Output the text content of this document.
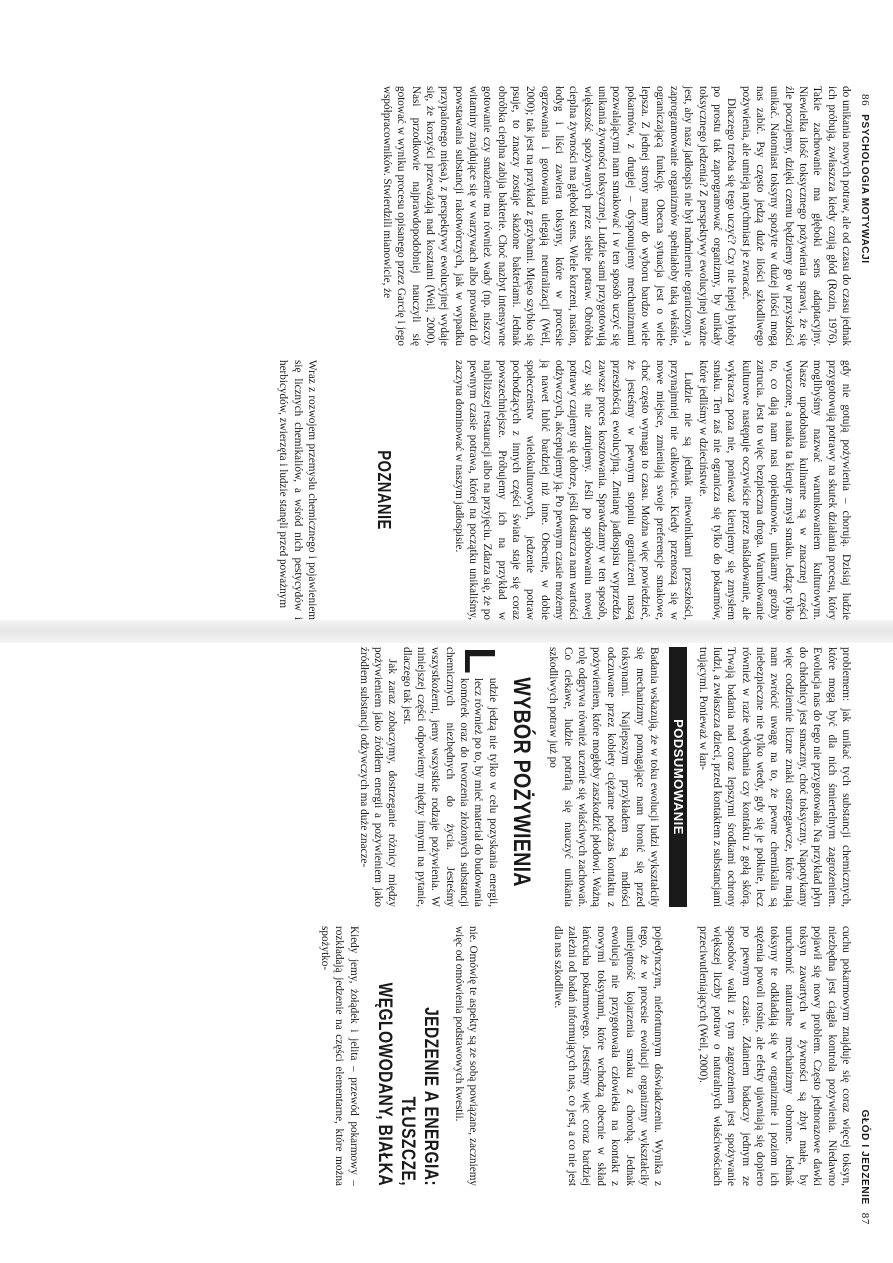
86
PSYCHOLOGIA MOTYWACJI

do unikania nowych potraw, ale od czasu do czasu jednak ich próbują, zwłaszcza kiedy czują głód (Rozin, 1976). Takie zachowanie ma głęboki sens adaptacyjny. Niewielka ilość toksycznego pożywienia sprawi, że się źle poczujemy, dzięki czemu będziemy go w przyszłości unikać. Natomiast toksyny spożyte w dużej ilości mogą nas zabić. Psy często jedzą duże ilości szkodliwego pożywienia, ale umieją natychmiast je zwracać.

Dlaczego trzeba się tego uczyć? Czy nie lepiej byłoby po prostu tak zaprogramować organizmy, by unikały toksycznego jedzenia? Z perspektywy ewolucyjnej ważne jest, aby nasz jadłospis nie był nadmiernie ograniczony, a zaprogramowanie organizmów spełniałoby taką właśnie, ograniczającą funkcję. Obecna sytuacja jest o wiele lepsza. Z jednej strony mamy do wyboru bardzo wiele pokarmów, z drugiej – dysponujemy mechanizmami pozwalającymi nam smakować i w ten sposób uczyć się unikania żywności toksycznej. Ludzie sami przygotowują większość spożywanych przez siebie potraw. Obróbka cieplna żywności ma głęboki sens. Wiele korzeni, nasion, łodyg i liści zawiera toksyny, które w procesie ogrzewania i gotowania ulegają neutralizacji (Weil, 2000); tak jest na przykład z grzybami. Mięso szybko się psuje, to znaczy zostaje skażone bakteriami. Jednak obróbka cieplna zabija bakterie. Choć nazbyt intensywne gotowanie czy smażenie ma również wady (np. niszczy witaminy znajdujące się w warzywach albo prowadzi do powstawania substancji rakotwórczych, jak w wypadku przypalonego mięsa), z perspektywy ewolucyjnej wydaje się, że korzyści przeważają nad kosztami (Weil, 2000). Nasi przodkowie najprawdopodobniej nauczyli się gotować w wyniku procesu opisanego przez Garcię i jego współpracowników. Stwierdzili mianowicie, że

gdy nie gotują pożywienia – chorują. Dzisiaj ludzie przygotowują potrawy na skutek działania procesu, który moglibyśmy nazwać warunkowaniem kulturowym. Nasze upodobania kulinarne są w znacznej części wyuczone, a nauka ta kieruje zmysł smaku. Jedząc tylko to, co dają nam nasi opiekunowie, unikamy groźby zatrucia. Jest to więc bezpieczna droga. Warunkowanie kulturowe następuje oczywiście przez naśladowanie, ale wykracza poza nie, ponieważ kierujemy się zmysłem smaku. Ten zaś nie ogranicza się tylko do pokarmów, które jedliśmy w dzieciństwie.

Ludzie nie są jednak niewolnikami przeszłości, przynajmniej nie całkowicie. Kiedy przenoszą się w nowe miejsce, zmieniają swoje preferencje smakowe, choć często wymaga to czasu. Można więc powiedzieć, że jesteśmy w pewnym stopniu ograniczeni naszą przeszłością ewolucyjną. Zmianę jadłospisu wyprzedza zawsze proces kosztowania. Sprawdzamy w ten sposób, czy się nie zatrujemy. Jeśli po spróbowaniu nowej potrawy czujemy się dobrze, jeśli dostarcza nam wartości odżywczych, akceptujemy ją. Po pewnym czasie możemy ją nawet lubić bardziej niż inne. Obecnie, w dobie społeczeństw wielokulturowych, jedzenie potraw pochodzących z innych części świata staje się coraz powszechniejsze. Próbujemy ich na przykład w najbliższej restauracji albo na przyjęciu. Zdarza się, że po pewnym czasie potrawa, której na początku unikaliśmy, zaczyna dominować w naszym jadłospisie.

POZNANIE

Wraz z rozwojem przemysłu chemicznego i pojawieniem się licznych chemikaliów, a wśród nich pestycydów i herbicydów, zwierzęta i ludzie stanęli przed poważnym

GŁÓD I JEDZENIE
87

problemem: jak unikać tych substancji chemicznych, które mogą być dla nich śmiertelnym zagrożeniem. Ewolucja nas do tego nie przygotowała. Na przykład płyn do chłodnicy jest smaczny, choć toksyczny. Napotykamy więc codziennie liczne znaki ostrzegawcze, które mają nam zwrócić uwagę na to, że pewne chemikalia są niebezpieczne nie tylko wtedy, gdy się je połknie, lecz również w razie wdychania czy kontaktu z gołą skórą. Trwają badania nad coraz lepszymi środkami ochrony ludzi, a zwłaszcza dzieci, przed kontaktem z substancjami trującymi. Ponieważ w łan-

PODSUMOWANIE

Badania wskazują, że w toku ewolucji ludzi wykształciły się mechanizmy pomagające nam bronić się przed toksynami. Najlepszym przykładem są mdłości odczuwane przez kobiety ciężarne podczas kontaktu z pożywieniem, które mogłoby zaszkodzić płodowi. Ważną rolę odgrywa również uczenie się właściwych zachowań. Co ciekawe, ludzie potrafią się nauczyć unikania szkodliwych potraw już po

WYBÓR POŻYWIENIA

L
udzie jedzą nie tylko w celu pozyskania energii, lecz również po to, by mieć materiał do budowania komórek oraz do tworzenia złożonych substancji chemicznych niezbędnych do życia. Jesteśmy wszystkożerni, jemy wszystkie rodzaje pożywienia. W niniejszej części odpowiemy między innymi na pytanie, dlaczego tak jest.

Jak zaraz zobaczymy, dostrzeganie różnicy między pożywieniem jako źródłem energii a pożywieniem jako źródłem substancji odżywczych ma duże znacze-

cuchu pokarmowym znajduje się coraz więcej toksyn, niezbędna jest ciągła kontrola pożywienia. Niedawno pojawił się nowy problem. Często jednorazowe dawki toksyn zawartych w żywności są zbyt małe, by uruchomić naturalne mechanizmy obronne. Jednak toksyny te odkładają się w organizmie i poziom ich stężenia powoli rośnie, ale efekty ujawniają się dopiero po pewnym czasie. Zdaniem badaczy jednym ze sposobów walki z tym zagrożeniem jest spożywanie większej liczby potraw o naturalnych właściwościach przeciwutleniających (Weil, 2000).

pojedynczym, niefortunnym doświadczeniu. Wynika z tego, że w procesie ewolucji organizmy wykształciły umiejętność kojarzenia smaku z chorobą. Jednak ewolucja nie przygotowała człowieka na kontakt z nowymi toksynami, które wchodzą obecnie w skład łańcucha pokarmowego. Jesteśmy więc coraz bardziej zależni od badań informujących nas, co jest, a co nie jest dla nas szkodliwe.

nie. Omówię te aspekty są ze sobą powiązane, zaczniemy więc od omówienia podstawowych kwestii.

JEDZENIE A ENERGIA: TŁUSZCZE, WĘGLOWODANY, BIAŁKA

Kiedy jemy, żołądek i jelita – przewód pokarmowy – rozkładają jedzenie na części elementarne, które można spożytko-
